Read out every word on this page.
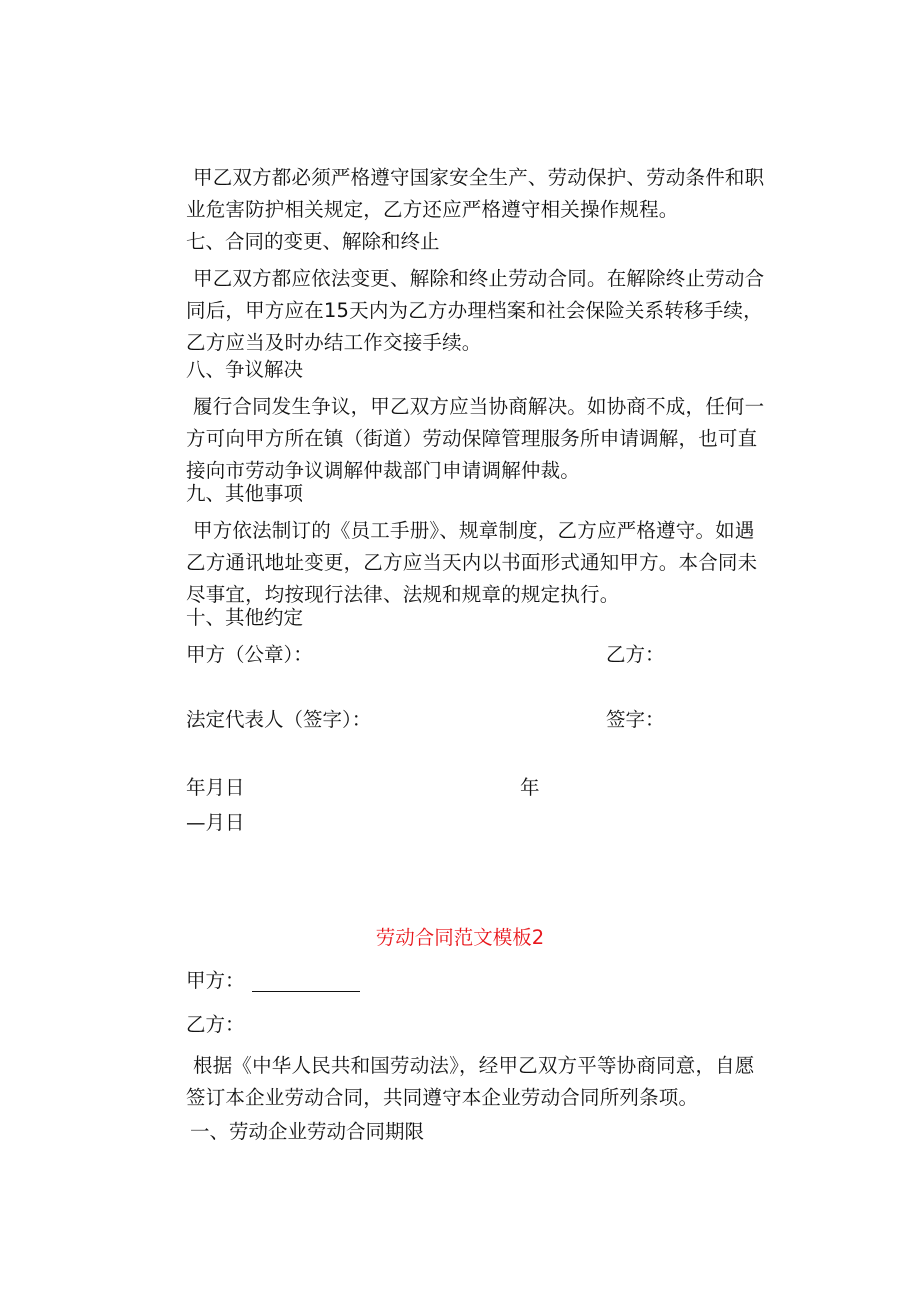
甲乙双方都必须严格遵守国家安全生产、劳动保护、劳动条件和职业危害防护相关规定，乙方还应严格遵守相关操作规程。

七、合同的变更、解除和终止

甲乙双方都应依法变更、解除和终止劳动合同。在解除终止劳动合同后，甲方应在15天内为乙方办理档案和社会保险关系转移手续，乙方应当及时办结工作交接手续。

八、争议解决

履行合同发生争议，甲乙双方应当协商解决。如协商不成，任何一方可向甲方所在镇（街道）劳动保障管理服务所申请调解，也可直接向市劳动争议调解仲裁部门申请调解仲裁。

九、其他事项

甲方依法制订的《员工手册》、规章制度，乙方应严格遵守。如遇乙方通讯地址变更，乙方应当天内以书面形式通知甲方。本合同未尽事宜，均按现行法律、法规和规章的规定执行。

十、其他约定

甲方（公章）：	乙方：

法定代表人（签字）：	签字：

年月日	年

—月日

劳动合同范文模板2

甲方：

乙方：

根据《中华人民共和国劳动法》，经甲乙双方平等协商同意，自愿签订本企业劳动合同，共同遵守本企业劳动合同所列条项。

一、劳动企业劳动合同期限
